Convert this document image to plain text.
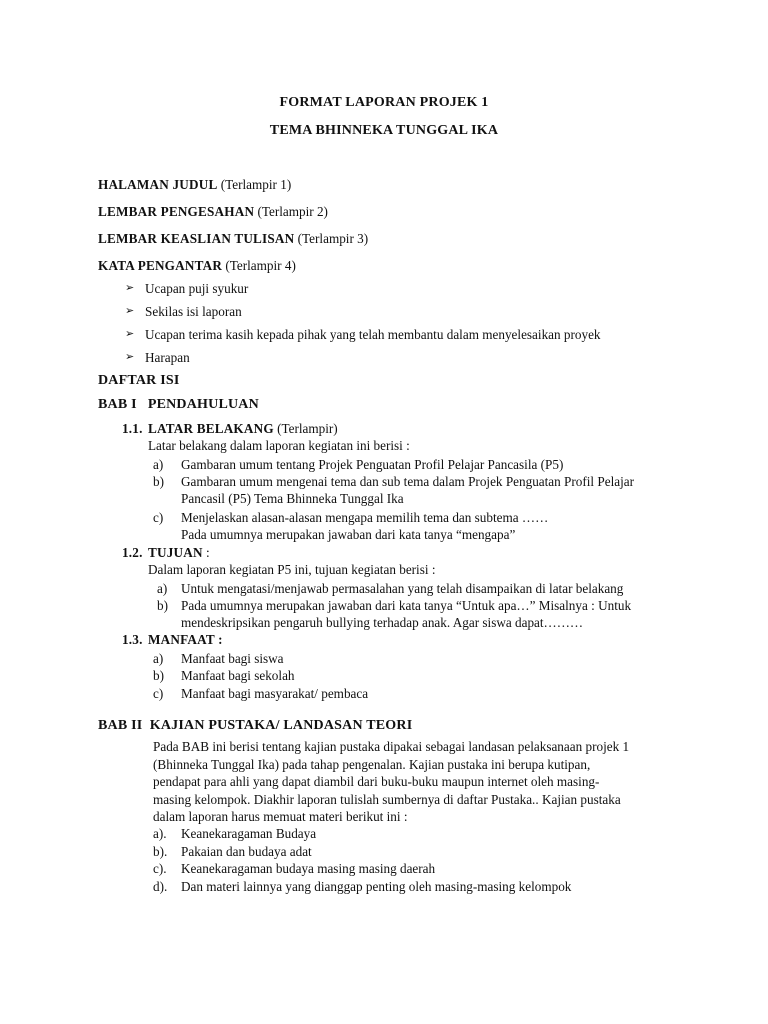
FORMAT LAPORAN PROJEK 1
TEMA BHINNEKA TUNGGAL IKA
HALAMAN JUDUL (Terlampir 1)
LEMBAR PENGESAHAN (Terlampir 2)
LEMBAR KEASLIAN TULISAN (Terlampir 3)
KATA PENGANTAR (Terlampir 4)
➢ Ucapan puji syukur
➢ Sekilas isi laporan
➢ Ucapan terima kasih kepada pihak yang telah membantu dalam menyelesaikan proyek
➢ Harapan
DAFTAR ISI
BAB I   PENDAHULUAN
1.1. LATAR BELAKANG (Terlampir)
Latar belakang dalam laporan kegiatan ini berisi :
a) Gambaran umum tentang Projek Penguatan Profil Pelajar Pancasila (P5)
b) Gambaran umum mengenai tema dan sub tema dalam Projek Penguatan Profil Pelajar
Pancasil (P5) Tema Bhinneka Tunggal Ika
c) Menjelaskan alasan-alasan mengapa memilih tema dan subtema ……
Pada umumnya merupakan jawaban dari kata tanya “mengapa”
1.2. TUJUAN :
Dalam laporan kegiatan P5 ini, tujuan kegiatan berisi :
a) Untuk mengatasi/menjawab permasalahan yang telah disampaikan di latar belakang
b) Pada umumnya merupakan jawaban dari kata tanya “Untuk apa…” Misalnya : Untuk
mendeskripsikan pengaruh bullying terhadap anak. Agar siswa dapat………
1.3. MANFAAT :
a) Manfaat bagi siswa
b) Manfaat bagi sekolah
c) Manfaat bagi masyarakat/ pembaca
BAB II  KAJIAN PUSTAKA/ LANDASAN TEORI
Pada BAB ini berisi tentang kajian pustaka dipakai sebagai landasan pelaksanaan projek 1
(Bhinneka Tunggal Ika) pada tahap pengenalan. Kajian pustaka ini berupa kutipan,
pendapat para ahli yang dapat diambil dari buku-buku maupun internet oleh masing-
masing kelompok. Diakhir laporan tulislah sumbernya di daftar Pustaka.. Kajian pustaka
dalam laporan harus memuat materi berikut ini :
a). Keanekaragaman Budaya
b). Pakaian dan budaya adat
c). Keanekaragaman budaya masing masing daerah
d). Dan materi lainnya yang dianggap penting oleh masing-masing kelompok
